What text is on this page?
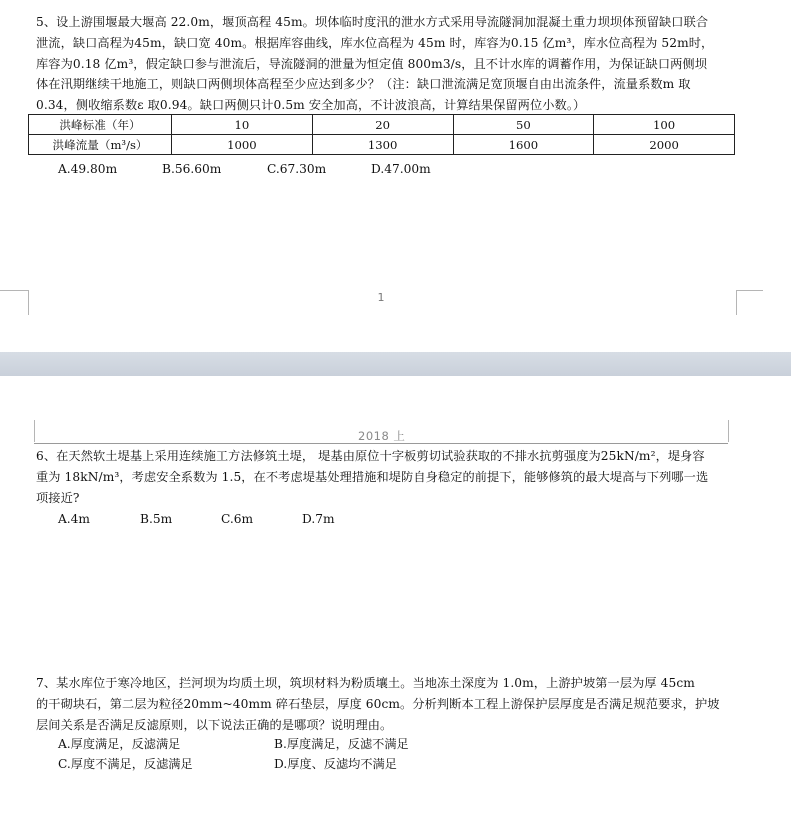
5、设上游围堰最大堰高 22.0m，堰顶高程 45m。坝体临时度汛的泄水方式采用导流隧洞加混凝土重力坝坝体预留缺口联合
泄流，缺口高程为45m，缺口宽 40m。根据库容曲线，库水位高程为 45m 时，库容为0.15 亿m³，库水位高程为 52m时，
库容为0.18 亿m³，假定缺口参与泄流后，导流隧洞的泄量为恒定值 800m3/s，且不计水库的调蓄作用，为保证缺口两侧坝
体在汛期继续干地施工，则缺口两侧坝体高程至少应达到多少？（注：缺口泄流满足宽顶堰自由出流条件，流量系数m 取
0.34，侧收缩系数ε 取0.94。缺口两侧只计0.5m 安全加高，不计波浪高，计算结果保留两位小数。）
洪峰标准（年）	10	20	50	100
洪峰流量（m³/s）	1000	1300	1600	2000
A.49.80m	B.56.60m	C.67.30m	D.47.00m
1
2018 上
6、在天然软土堤基上采用连续施工方法修筑土堤， 堤基由原位十字板剪切试验获取的不排水抗剪强度为25kN/m²，堤身容
重为 18kN/m³，考虑安全系数为 1.5，在不考虑堤基处理措施和堤防自身稳定的前提下，能够修筑的最大堤高与下列哪一选
项接近?
A.4m	B.5m	C.6m	D.7m
7、某水库位于寒冷地区，拦河坝为均质土坝，筑坝材料为粉质壤土。当地冻土深度为 1.0m，上游护坡第一层为厚 45cm
的干砌块石，第二层为粒径20mm~40mm 碎石垫层，厚度 60cm。分析判断本工程上游保护层厚度是否满足规范要求，护坡
层间关系是否满足反滤原则，以下说法正确的是哪项？说明理由。
A.厚度满足，反滤满足	B.厚度满足，反滤不满足
C.厚度不满足，反滤满足	D.厚度、反滤均不满足
